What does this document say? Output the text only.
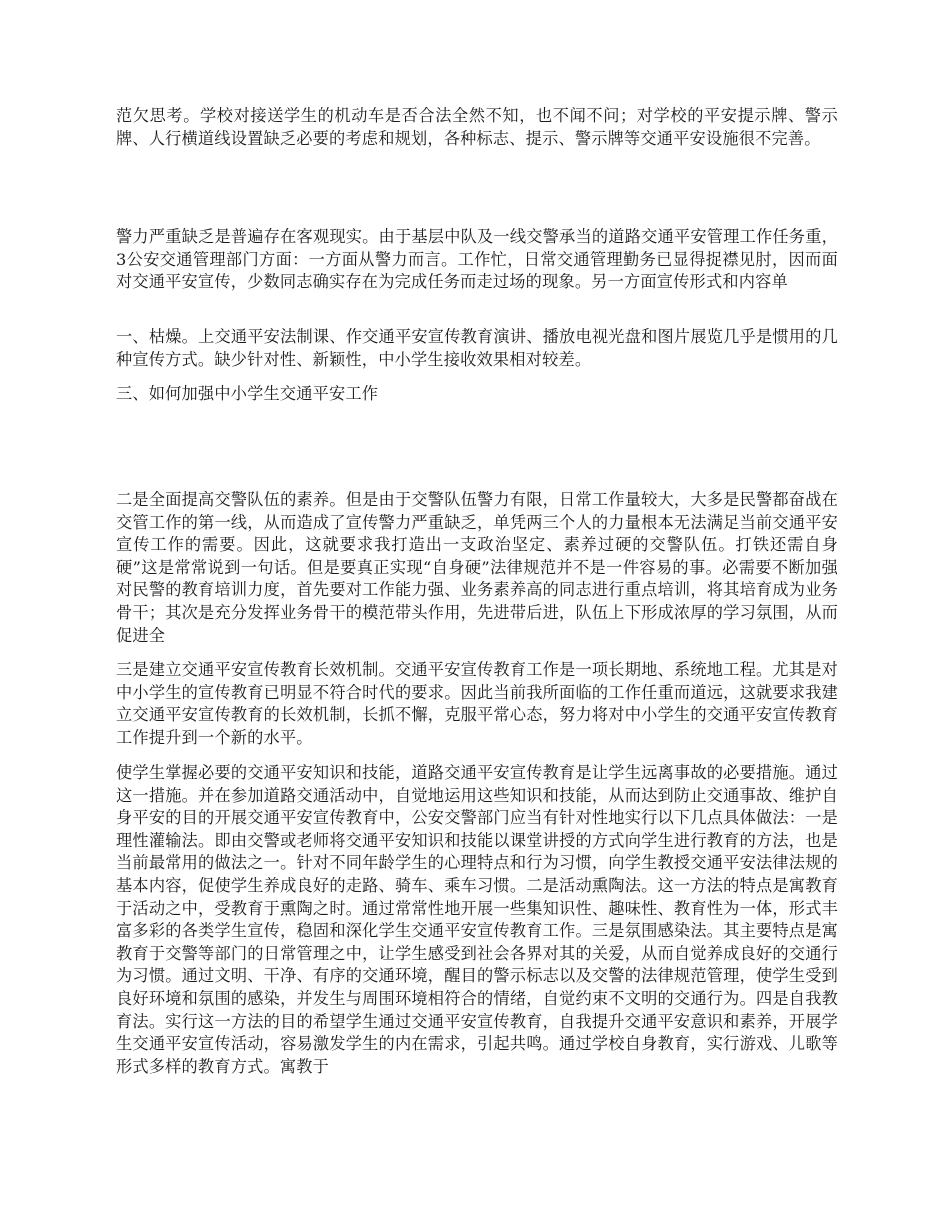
范欠思考。学校对接送学生的机动车是否合法全然不知，也不闻不问；对学校的平安提示牌、警示牌、人行横道线设置缺乏必要的考虑和规划，各种标志、提示、警示牌等交通平安设施很不完善。

警力严重缺乏是普遍存在客观现实。由于基层中队及一线交警承当的道路交通平安管理工作任务重，3公安交通管理部门方面：一方面从警力而言。工作忙，日常交通管理勤务已显得捉襟见肘，因而面对交通平安宣传，少数同志确实存在为完成任务而走过场的现象。另一方面宣传形式和内容单

一、枯燥。上交通平安法制课、作交通平安宣传教育演讲、播放电视光盘和图片展览几乎是惯用的几种宣传方式。缺少针对性、新颖性，中小学生接收效果相对较差。

三、如何加强中小学生交通平安工作

二是全面提高交警队伍的素养。但是由于交警队伍警力有限，日常工作量较大，大多是民警都奋战在交管工作的第一线，从而造成了宣传警力严重缺乏，单凭两三个人的力量根本无法满足当前交通平安宣传工作的需要。因此，这就要求我打造出一支政治坚定、素养过硬的交警队伍。打铁还需自身硬”这是常常说到一句话。但是要真正实现“自身硬”法律规范并不是一件容易的事。必需要不断加强对民警的教育培训力度，首先要对工作能力强、业务素养高的同志进行重点培训，将其培育成为业务骨干；其次是充分发挥业务骨干的模范带头作用，先进带后进，队伍上下形成浓厚的学习氛围，从而促进全

三是建立交通平安宣传教育长效机制。交通平安宣传教育工作是一项长期地、系统地工程。尤其是对中小学生的宣传教育已明显不符合时代的要求。因此当前我所面临的工作任重而道远，这就要求我建立交通平安宣传教育的长效机制，长抓不懈，克服平常心态，努力将对中小学生的交通平安宣传教育工作提升到一个新的水平。

使学生掌握必要的交通平安知识和技能，道路交通平安宣传教育是让学生远离事故的必要措施。通过这一措施。并在参加道路交通活动中，自觉地运用这些知识和技能，从而达到防止交通事故、维护自身平安的目的开展交通平安宣传教育中，公安交警部门应当有针对性地实行以下几点具体做法：一是理性灌输法。即由交警或老师将交通平安知识和技能以课堂讲授的方式向学生进行教育的方法，也是当前最常用的做法之一。针对不同年龄学生的心理特点和行为习惯，向学生教授交通平安法律法规的基本内容，促使学生养成良好的走路、骑车、乘车习惯。二是活动熏陶法。这一方法的特点是寓教育于活动之中，受教育于熏陶之时。通过常常性地开展一些集知识性、趣味性、教育性为一体，形式丰富多彩的各类学生宣传，稳固和深化学生交通平安宣传教育工作。三是氛围感染法。其主要特点是寓教育于交警等部门的日常管理之中，让学生感受到社会各界对其的关爱，从而自觉养成良好的交通行为习惯。通过文明、干净、有序的交通环境，醒目的警示标志以及交警的法律规范管理，使学生受到良好环境和氛围的感染，并发生与周围环境相符合的情绪，自觉约束不文明的交通行为。四是自我教育法。实行这一方法的目的希望学生通过交通平安宣传教育，自我提升交通平安意识和素养，开展学生交通平安宣传活动，容易激发学生的内在需求，引起共鸣。通过学校自身教育，实行游戏、儿歌等形式多样的教育方式。寓教于
